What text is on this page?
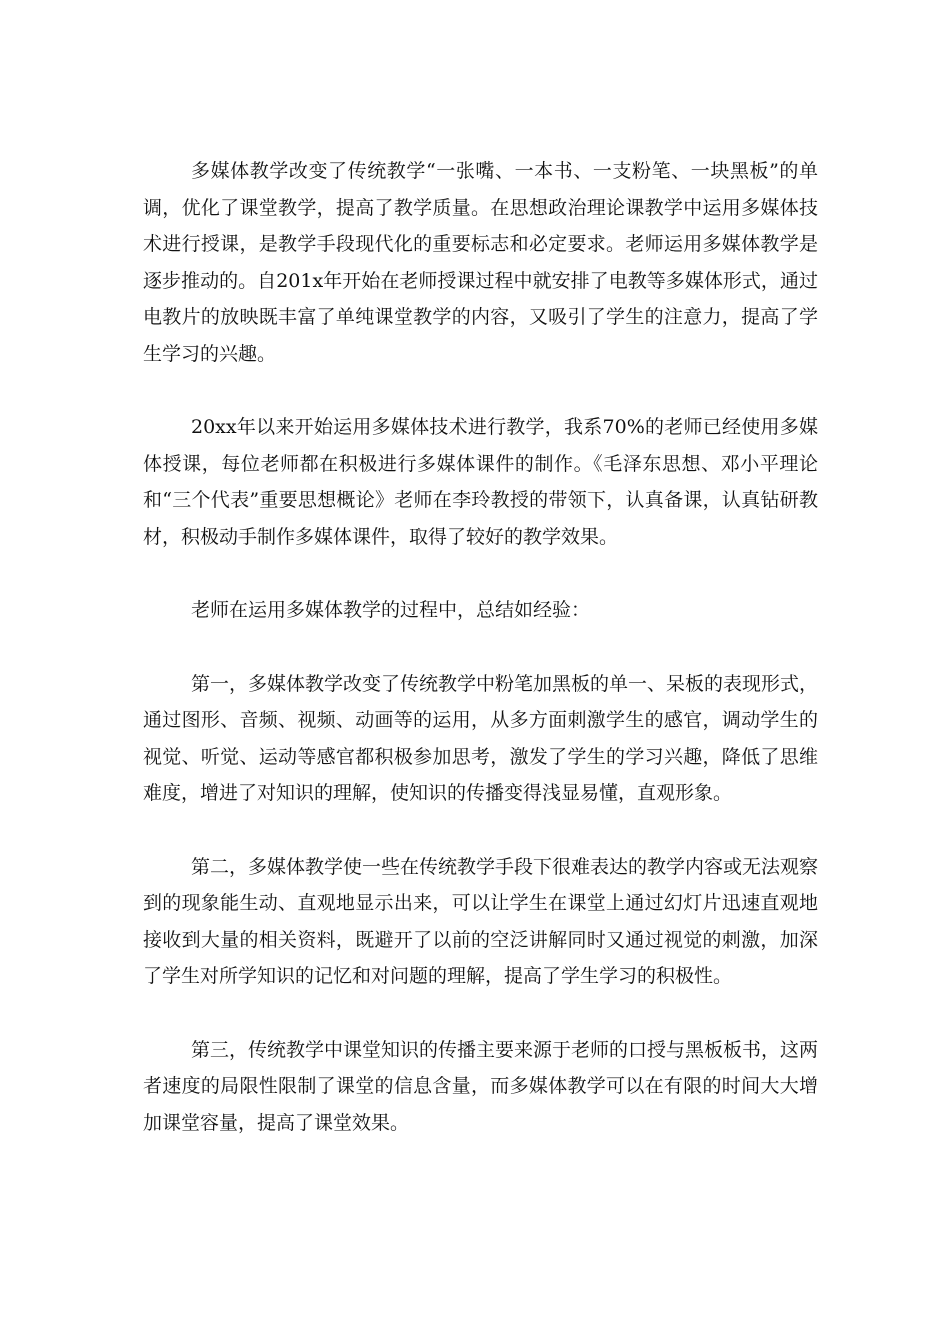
多媒体教学改变了传统教学“一张嘴、一本书、一支粉笔、一块黑板”的单调，优化了课堂教学，提高了教学质量。在思想政治理论课教学中运用多媒体技术进行授课，是教学手段现代化的重要标志和必定要求。老师运用多媒体教学是逐步推动的。自201x年开始在老师授课过程中就安排了电教等多媒体形式，通过电教片的放映既丰富了单纯课堂教学的内容，又吸引了学生的注意力，提高了学生学习的兴趣。

20xx年以来开始运用多媒体技术进行教学，我系70%的老师已经使用多媒体授课，每位老师都在积极进行多媒体课件的制作。《毛泽东思想、邓小平理论和“三个代表”重要思想概论》老师在李玲教授的带领下，认真备课，认真钻研教材，积极动手制作多媒体课件，取得了较好的教学效果。

老师在运用多媒体教学的过程中，总结如经验：

第一，多媒体教学改变了传统教学中粉笔加黑板的单一、呆板的表现形式，通过图形、音频、视频、动画等的运用，从多方面刺激学生的感官，调动学生的视觉、听觉、运动等感官都积极参加思考，激发了学生的学习兴趣，降低了思维难度，增进了对知识的理解，使知识的传播变得浅显易懂，直观形象。

第二，多媒体教学使一些在传统教学手段下很难表达的教学内容或无法观察到的现象能生动、直观地显示出来，可以让学生在课堂上通过幻灯片迅速直观地接收到大量的相关资料，既避开了以前的空泛讲解同时又通过视觉的刺激，加深了学生对所学知识的记忆和对问题的理解，提高了学生学习的积极性。

第三，传统教学中课堂知识的传播主要来源于老师的口授与黑板板书，这两者速度的局限性限制了课堂的信息含量，而多媒体教学可以在有限的时间大大增加课堂容量，提高了课堂效果。
